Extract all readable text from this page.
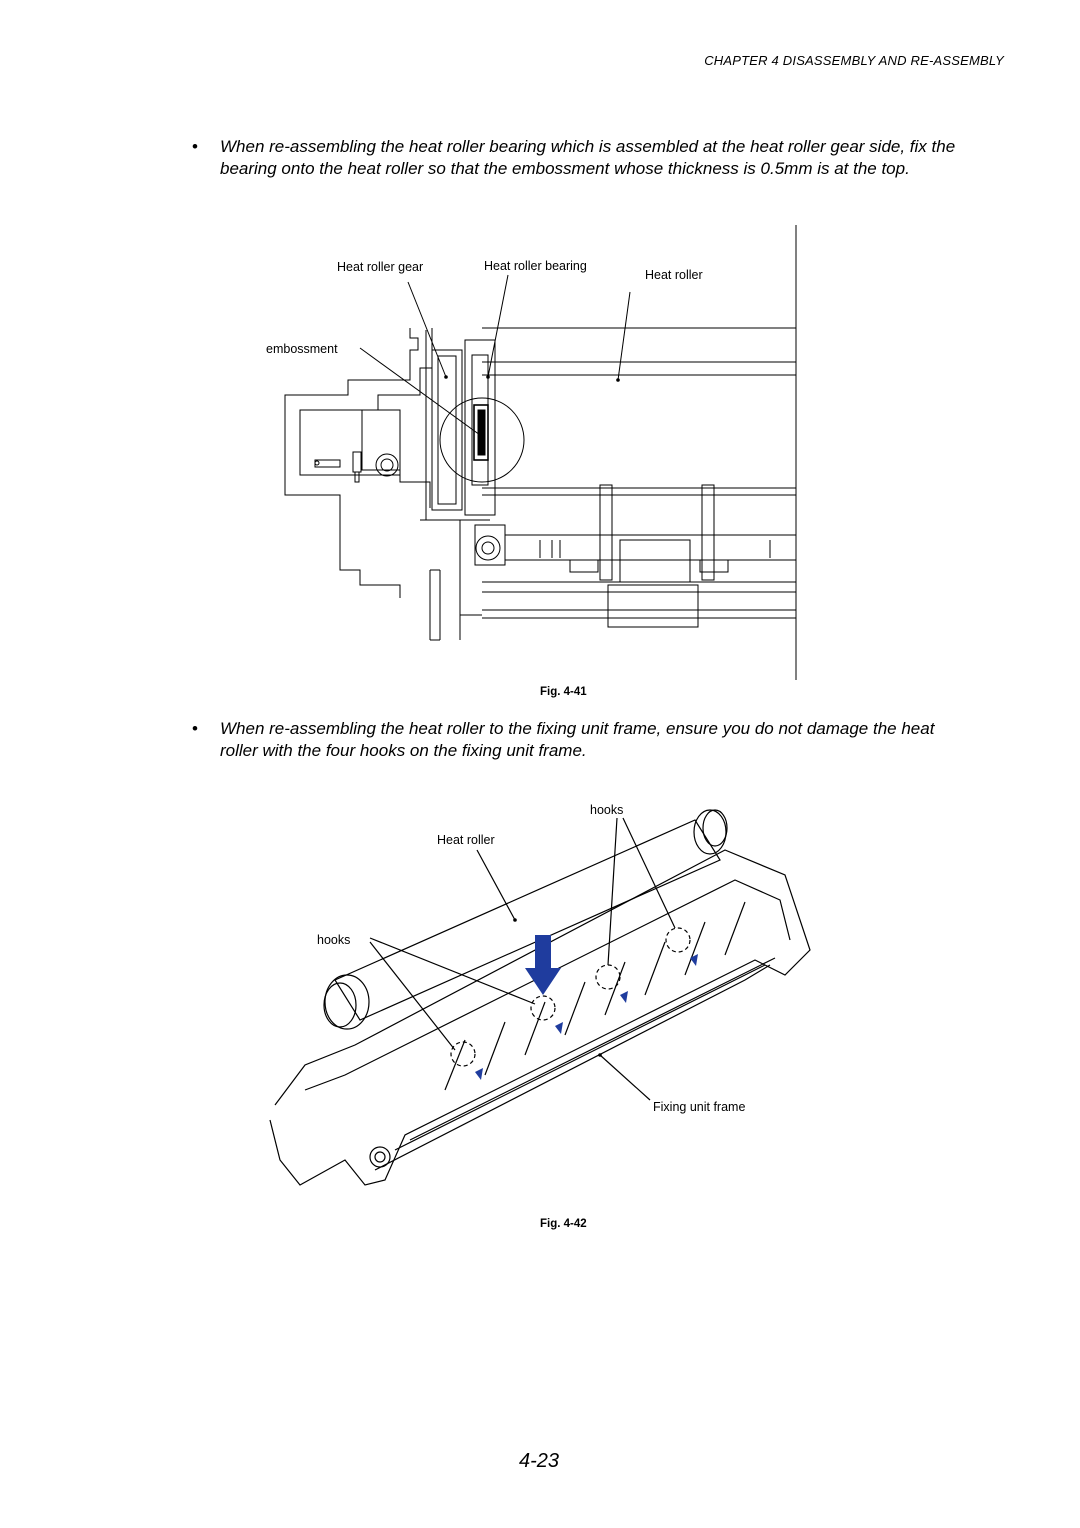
CHAPTER 4 DISASSEMBLY AND RE-ASSEMBLY
•	When re-assembling the heat roller bearing which is assembled at the heat roller gear side, fix the bearing onto the heat roller so that the embossment whose thickness is 0.5mm is at the top.
Heat roller gear	Heat roller bearing
Heat roller
embossment
Fig. 4-41
•	When re-assembling the heat roller to the fixing unit frame, ensure you do not damage the heat roller with the four hooks on the fixing unit frame.
hooks
Heat roller
hooks
Fixing unit frame
Fig. 4-42
4-23
